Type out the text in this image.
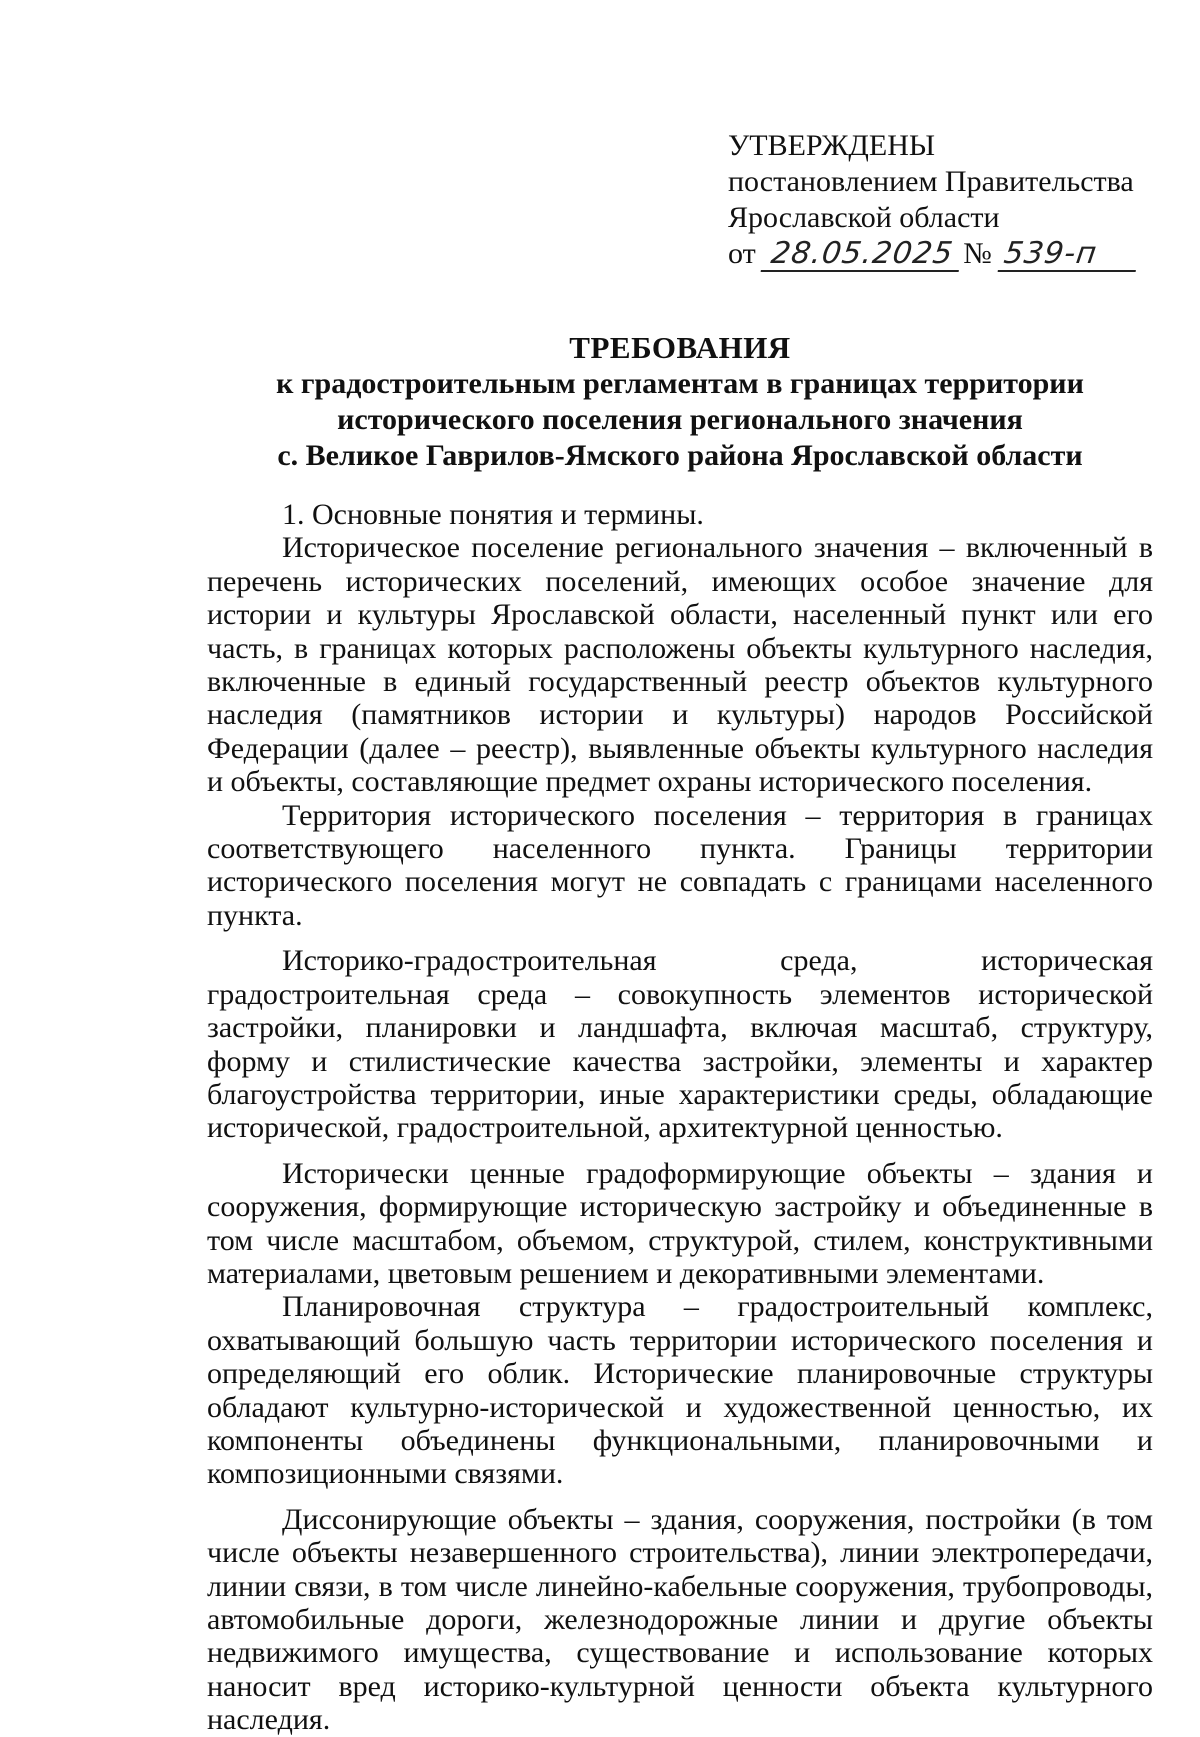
УТВЕРЖДЕНЫ
постановлением Правительства
Ярославской области
от 28.05.2025 № 539-п
ТРЕБОВАНИЯ
к градостроительным регламентам в границах территории
исторического поселения регионального значения
с. Великое Гаврилов-Ямского района Ярославской области

1. Основные понятия и термины.

Историческое поселение регионального значения – включенный в перечень исторических поселений, имеющих особое значение для истории и культуры Ярославской области, населенный пункт или его часть, в границах которых расположены объекты культурного наследия, включенные в единый государственный реестр объектов культурного наследия (памятников истории и культуры) народов Российской Федерации (далее – реестр), выявленные объекты культурного наследия и объекты, составляющие предмет охраны исторического поселения.

Территория исторического поселения – территория в границах соответствующего населенного пункта. Границы территории исторического поселения могут не совпадать с границами населенного пункта.

Историко-градостроительная среда, историческая градостроительная среда – совокупность элементов исторической застройки, планировки и ландшафта, включая масштаб, структуру, форму и стилистические качества застройки, элементы и характер благоустройства территории, иные характеристики среды, обладающие исторической, градостроительной, архитектурной ценностью.

Исторически ценные градоформирующие объекты – здания и сооружения, формирующие историческую застройку и объединенные в том числе масштабом, объемом, структурой, стилем, конструктивными материалами, цветовым решением и декоративными элементами.

Планировочная структура – градостроительный комплекс, охватывающий большую часть территории исторического поселения и определяющий его облик. Исторические планировочные структуры обладают культурно-исторической и художественной ценностью, их компоненты объединены функциональными, планировочными и композиционными связями.

Диссонирующие объекты – здания, сооружения, постройки (в том числе объекты незавершенного строительства), линии электропередачи, линии связи, в том числе линейно-кабельные сооружения, трубопроводы, автомобильные дороги, железнодорожные линии и другие объекты недвижимого имущества, существование и использование которых наносит вред историко-культурной ценности объекта культурного наследия.
